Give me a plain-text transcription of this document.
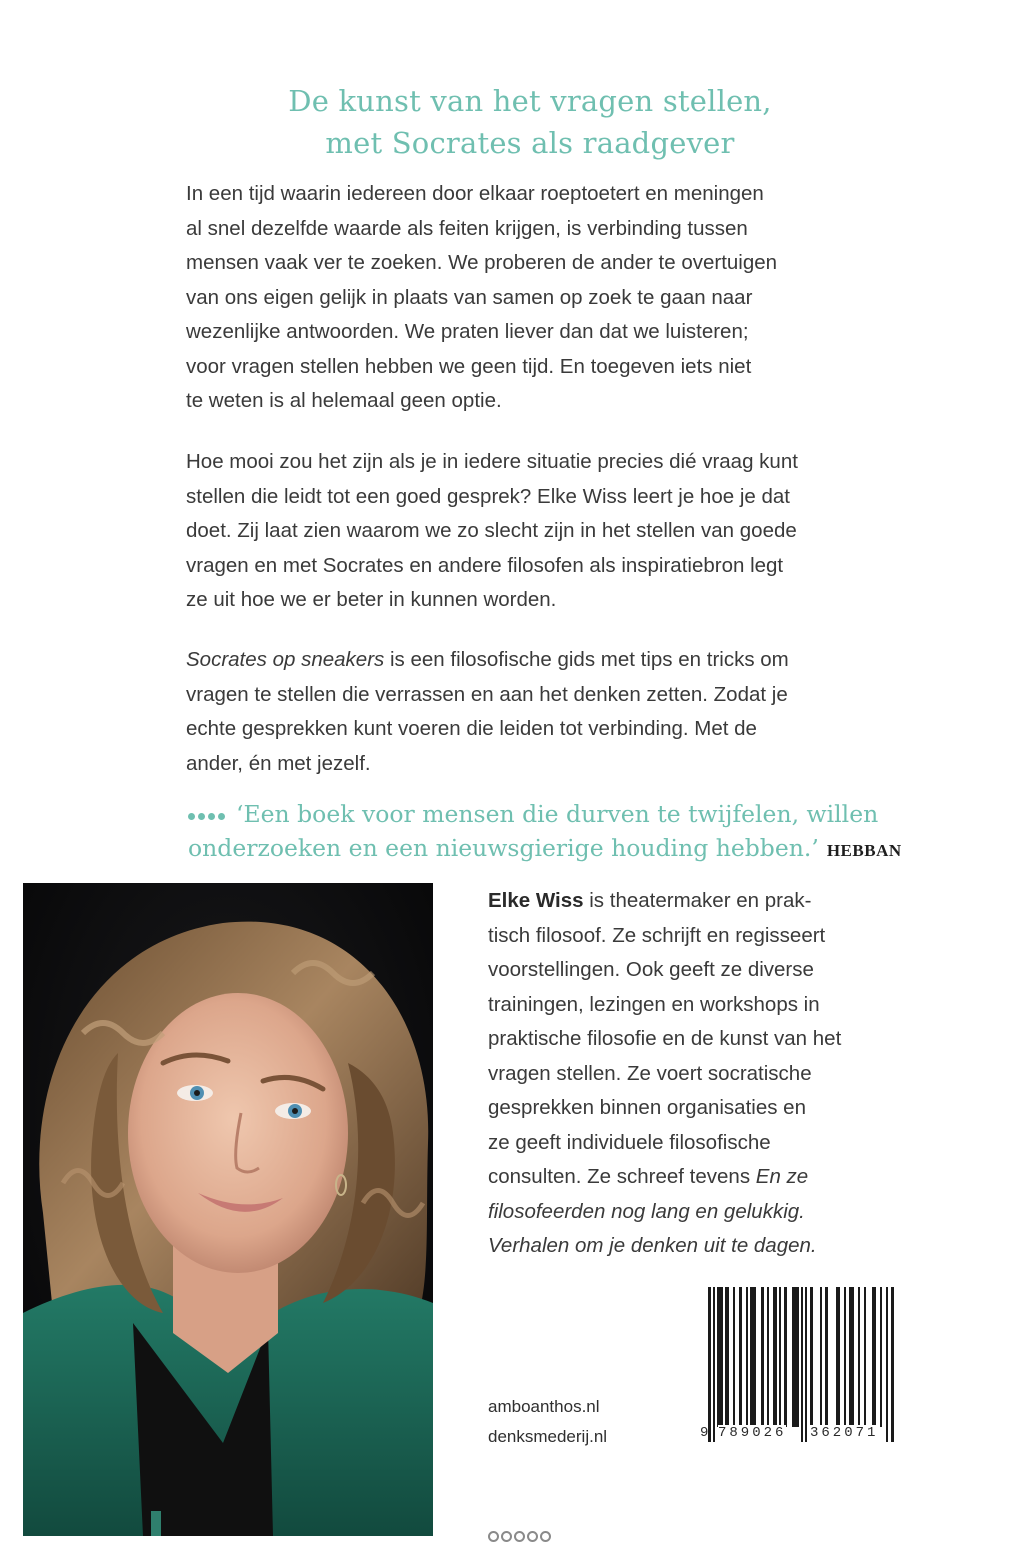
De kunst van het vragen stellen,
met Socrates als raadgever
In een tijd waarin iedereen door elkaar roeptoetert en meningen
al snel dezelfde waarde als feiten krijgen, is verbinding tussen
mensen vaak ver te zoeken. We proberen de ander te overtuigen
van ons eigen gelijk in plaats van samen op zoek te gaan naar
wezenlijke antwoorden. We praten liever dan dat we luisteren;
voor vragen stellen hebben we geen tijd. En toegeven iets niet
te weten is al helemaal geen optie.
Hoe mooi zou het zijn als je in iedere situatie precies dié vraag kunt
stellen die leidt tot een goed gesprek? Elke Wiss leert je hoe je dat
doet. Zij laat zien waarom we zo slecht zijn in het stellen van goede
vragen en met Socrates en andere filosofen als inspiratiebron legt
ze uit hoe we er beter in kunnen worden.
Socrates op sneakers is een filosofische gids met tips en tricks om
vragen te stellen die verrassen en aan het denken zetten. Zodat je
echte gesprekken kunt voeren die leiden tot verbinding. Met de
ander, én met jezelf.
‘Een boek voor mensen die durven te twijfelen, willen
onderzoeken en een nieuwsgierige houding hebben.’ HEBBAN
Elke Wiss is theatermaker en prak-
tisch filosoof. Ze schrijft en regisseert
voorstellingen. Ook geeft ze diverse
trainingen, lezingen en workshops in
praktische filosofie en de kunst van het
vragen stellen. Ze voert socratische
gesprekken binnen organisaties en
ze geeft individuele filosofische
consulten. Ze schreef tevens En ze
filosofeerden nog lang en gelukkig.
Verhalen om je denken uit te dagen.
9 789026 362071
amboanthos.nl
denksmederij.nl
